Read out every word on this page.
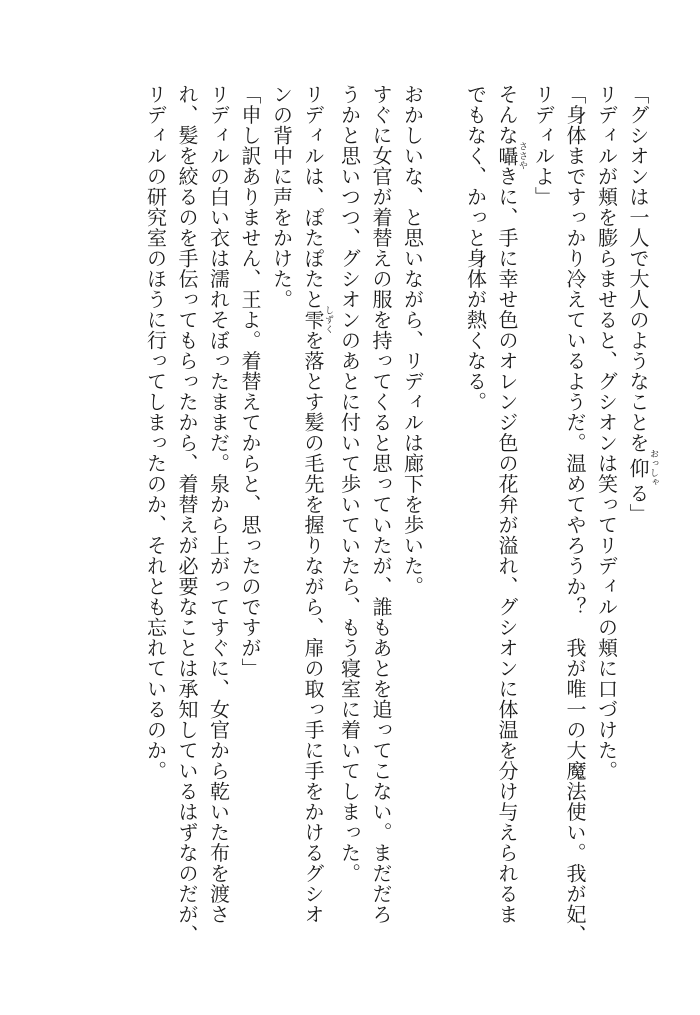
「グシオンは一人で大人のようなことを仰おっしゃる」
リディルが頬を膨らませると、グシオンは笑ってリディルの頬に口づけた。
「身体まですっかり冷えているようだ。温めてやろうか？　我が唯一の大魔法使い。我が妃、
リディルよ」
そんな囁ささやきに、手に幸せ色のオレンジ色の花弁が溢れ、グシオンに体温を分け与えられるま
でもなく、かっと身体が熱くなる。
おかしいな、と思いながら、リディルは廊下を歩いた。
すぐに女官が着替えの服を持ってくると思っていたが、誰もあとを追ってこない。まだだろ
うかと思いつつ、グシオンのあとに付いて歩いていたら、もう寝室に着いてしまった。
リディルは、ぽたぽたと雫しずくを落とす髪の毛先を握りながら、扉の取っ手に手をかけるグシオ
ンの背中に声をかけた。
「申し訳ありません、王よ。着替えてからと、思ったのですが」
リディルの白い衣は濡れそぼったままだ。泉から上がってすぐに、女官から乾いた布を渡さ
れ、髪を絞るのを手伝ってもらったから、着替えが必要なことは承知しているはずなのだが、
リディルの研究室のほうに行ってしまったのか、それとも忘れているのか。
